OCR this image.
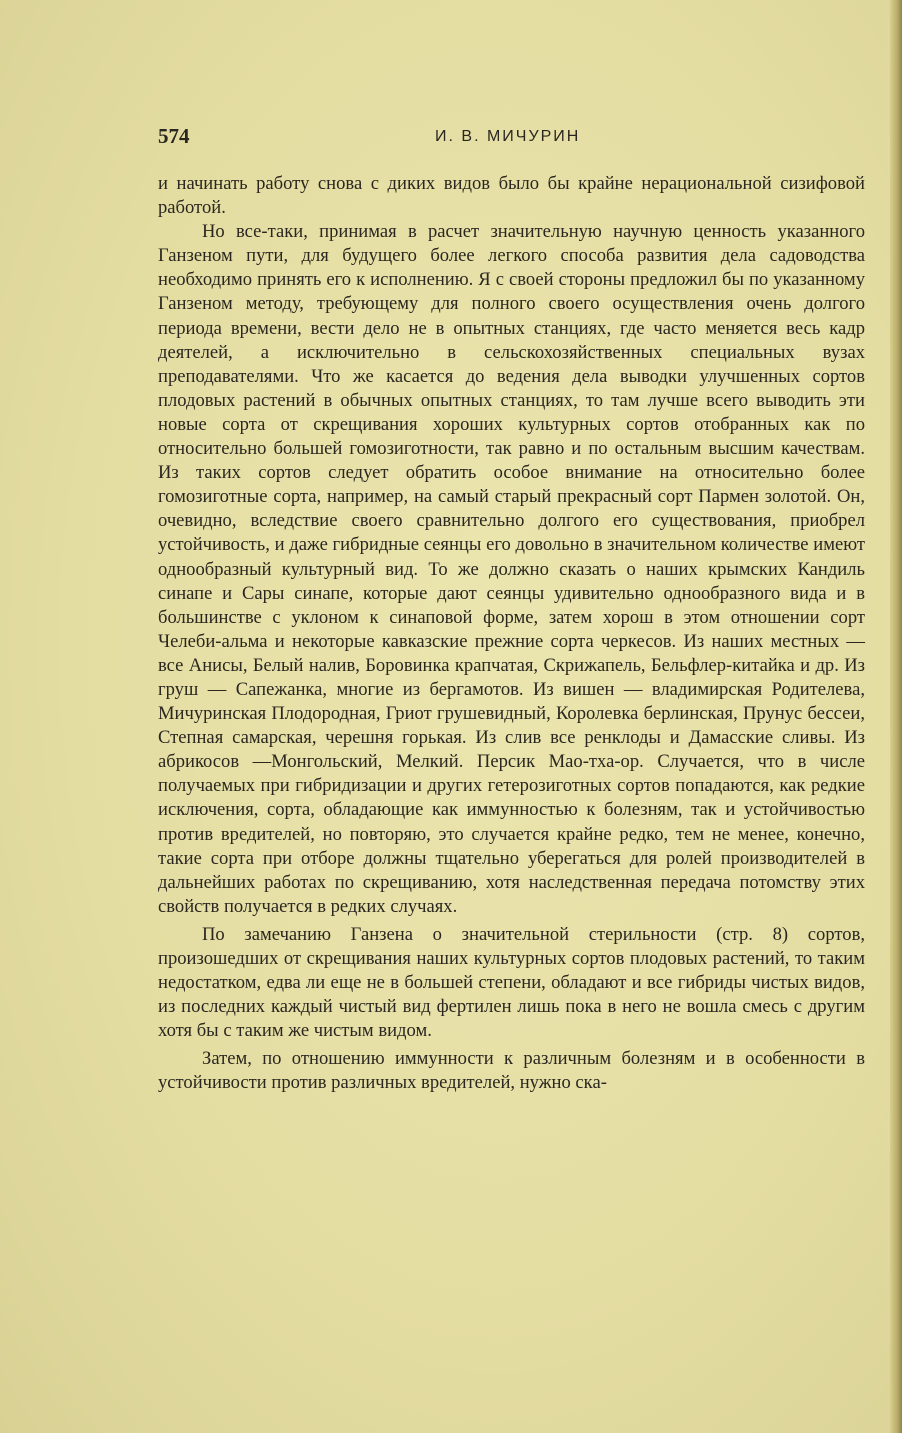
574	И. В. МИЧУРИН

и начинать работу снова с диких видов было бы крайне нерациональной сизифовой работой.

Но все-таки, принимая в расчет значительную научную ценность указанного Ганзеном пути, для будущего более легкого способа развития дела садоводства необходимо принять его к исполнению. Я с своей стороны предложил бы по указанному Ганзеном методу, требующему для полного своего осуществления очень долгого периода времени, вести дело не в опытных станциях, где часто меняется весь кадр деятелей, а исключительно в сельскохозяйственных специальных вузах преподавателями. Что же касается до ведения дела выводки улучшенных сортов плодовых растений в обычных опытных станциях, то там лучше всего выводить эти новые сорта от скрещивания хороших культурных сортов отобранных как по относительно большей гомозиготности, так равно и по остальным высшим качествам. Из таких сортов следует обратить особое внимание на относительно более гомозиготные сорта, например, на самый старый прекрасный сорт Пармен золотой. Он, очевидно, вследствие своего сравнительно долгого его существования, приобрел устойчивость, и даже гибридные сеянцы его довольно в значительном количестве имеют однообразный культурный вид. То же должно сказать о наших крымских Кандиль синапе и Сары синапе, которые дают сеянцы удивительно однообразного вида и в большинстве с уклоном к синаповой форме, затем хорош в этом отношении сорт Челеби-альма и некоторые кавказские прежние сорта черкесов. Из наших местных — все Анисы, Белый налив, Боровинка крапчатая, Скрижапель, Бельфлер-китайка и др. Из груш — Сапежанка, многие из бергамотов. Из вишен — владимирская Родителева, Мичуринская Плодородная, Гриот грушевидный, Королевка берлинская, Прунус бессеи, Степная самарская, черешня горькая. Из слив все ренклоды и Дамасские сливы. Из абрикосов —Монгольский, Мелкий. Персик Мао-тха-ор. Случается, что в числе получаемых при гибридизации и других гетерозиготных сортов попадаются, как редкие исключения, сорта, обладающие как иммунностью к болезням, так и устойчивостью против вредителей, но повторяю, это случается крайне редко, тем не менее, конечно, такие сорта при отборе должны тщательно уберегаться для ролей производителей в дальнейших работах по скрещиванию, хотя наследственная передача потомству этих свойств получается в редких случаях.

По замечанию Ганзена о значительной стерильности (стр. 8) сортов, произошедших от скрещивания наших культурных сортов плодовых растений, то таким недостатком, едва ли еще не в большей степени, обладают и все гибриды чистых видов, из последних каждый чистый вид фертилен лишь пока в него не вошла смесь с другим хотя бы с таким же чистым видом.

Затем, по отношению иммунности к различным болезням и в особенности в устойчивости против различных вредителей, нужно ска-
